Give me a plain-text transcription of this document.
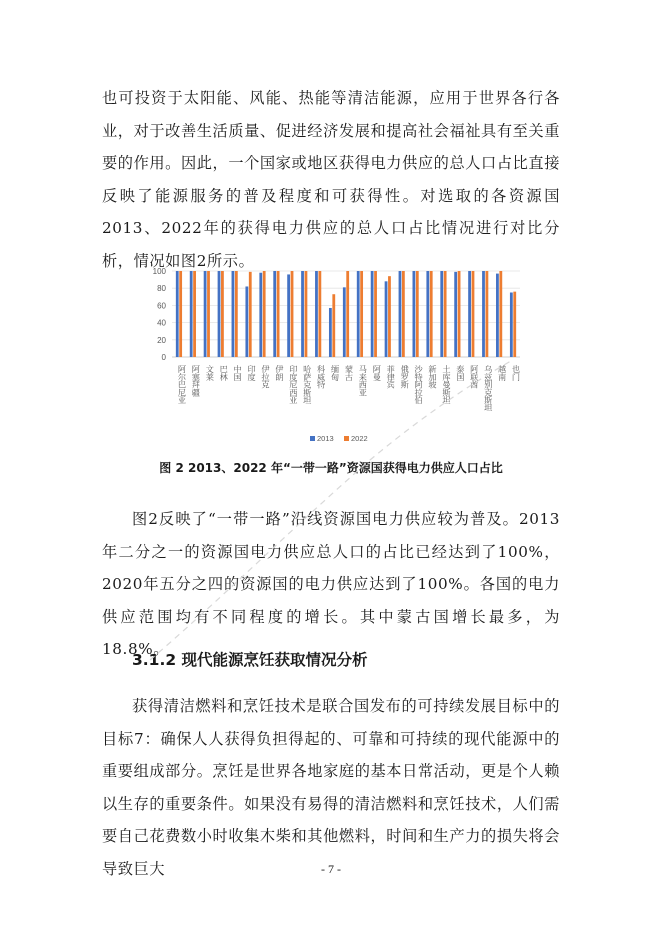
也可投资于太阳能、风能、热能等清洁能源，应用于世界各行各业，对于改善生活质量、促进经济发展和提高社会福祉具有至关重要的作用。因此，一个国家或地区获得电力供应的总人口占比直接反映了能源服务的普及程度和可获得性。对选取的各资源国2013、2022年的获得电力供应的总人口占比情况进行对比分析，情况如图2所示。

0
20
40
60
80
100
阿尔巴尼亚 阿塞拜疆 文莱 巴林 中国 印度 伊拉克 伊朗 印度尼西亚 哈萨克斯坦 科威特 缅甸 蒙古 马来西亚 阿曼 菲律宾 俄罗斯 沙特阿拉伯 新加坡 土库曼斯坦 泰国 阿联酋 乌兹别克斯坦 越南 也门
2013 2022
图 2 2013、2022 年“一带一路”资源国获得电力供应人口占比

图2反映了“一带一路”沿线资源国电力供应较为普及。2013年二分之一的资源国电力供应总人口的占比已经达到了100%，2020年五分之四的资源国的电力供应达到了100%。各国的电力供应范围均有不同程度的增长。其中蒙古国增长最多，为18.8%。

3.1.2 现代能源烹饪获取情况分析

获得清洁燃料和烹饪技术是联合国发布的可持续发展目标中的目标7：确保人人获得负担得起的、可靠和可持续的现代能源中的重要组成部分。烹饪是世界各地家庭的基本日常活动，更是个人赖以生存的重要条件。如果没有易得的清洁燃料和烹饪技术，人们需要自己花费数小时收集木柴和其他燃料，时间和生产力的损失将会导致巨大	- 7 -
